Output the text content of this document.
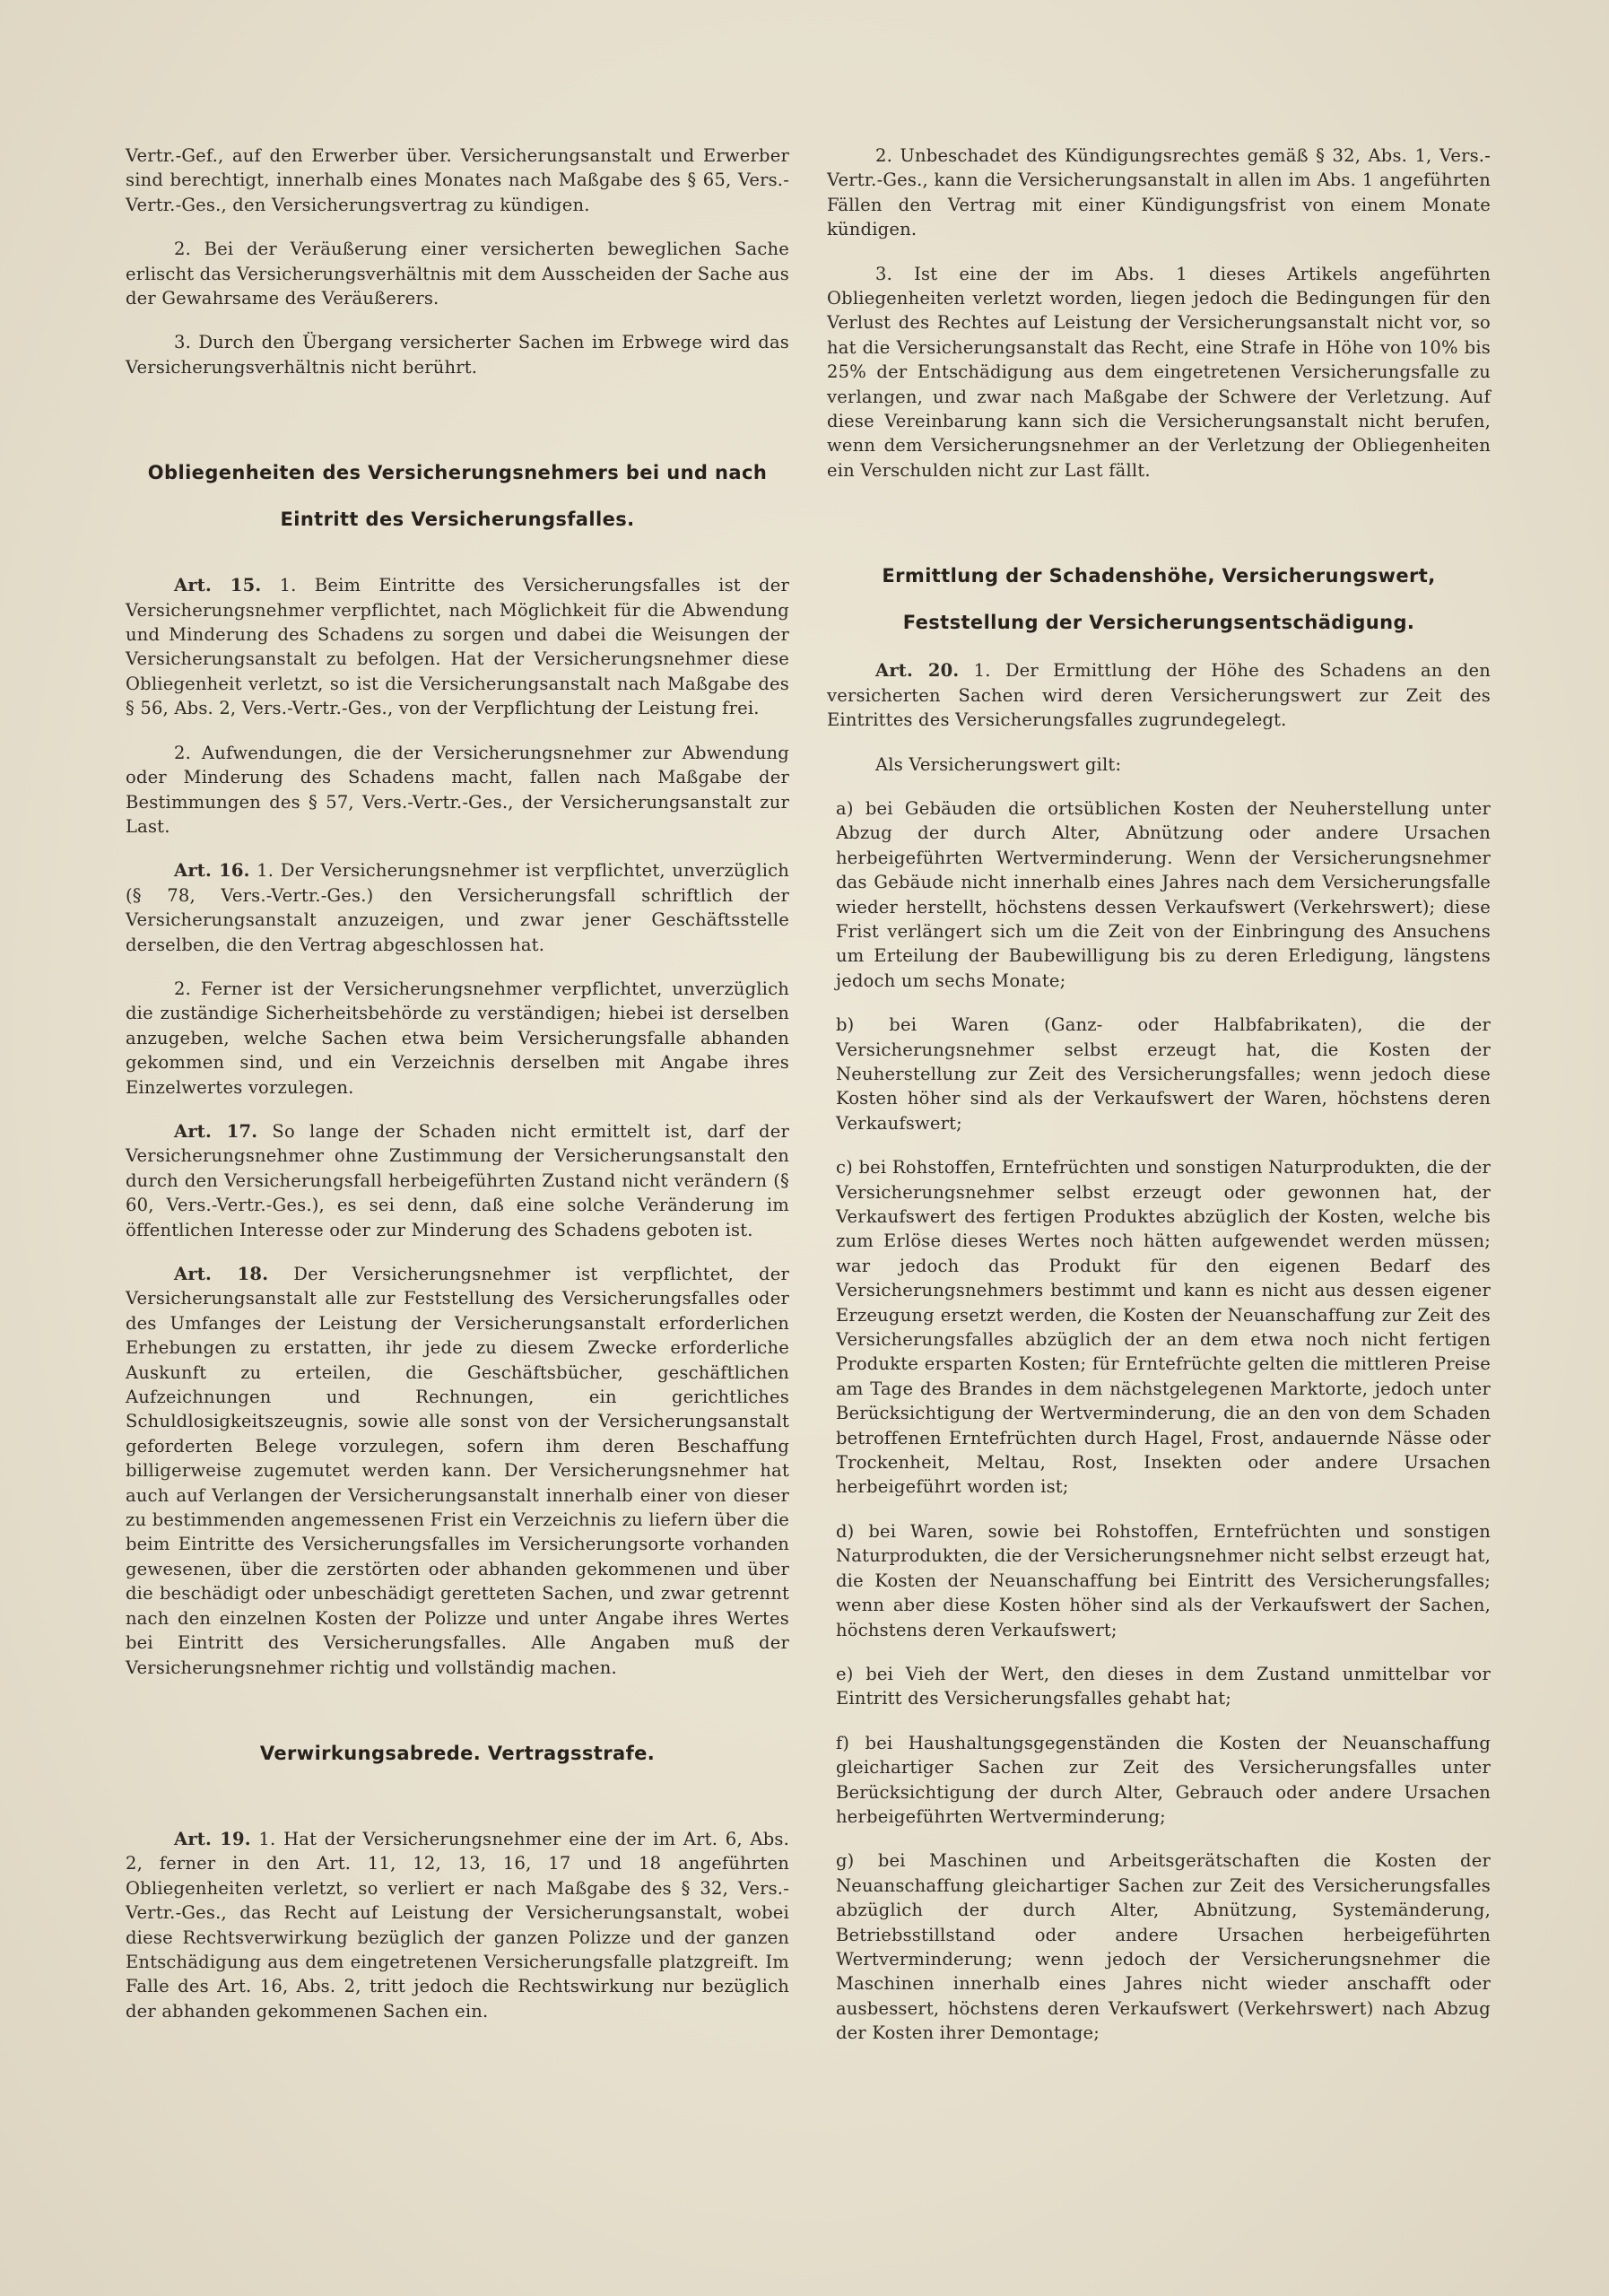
Vertr.-Gef., auf den Erwerber über. Versicherungsanstalt und Erwerber sind berechtigt, innerhalb eines Monates nach Maßgabe des § 65, Vers.-Vertr.-Ges., den Versicherungsvertrag zu kündigen.

2. Bei der Veräußerung einer versicherten beweglichen Sache erlischt das Versicherungsverhältnis mit dem Ausscheiden der Sache aus der Gewahrsame des Veräußerers.

3. Durch den Übergang versicherter Sachen im Erbwege wird das Versicherungsverhältnis nicht berührt.

Obliegenheiten des Versicherungsnehmers bei und nach
Eintritt des Versicherungsfalles.

Art. 15. 1. Beim Eintritte des Versicherungsfalles ist der Versicherungsnehmer verpflichtet, nach Möglichkeit für die Abwendung und Minderung des Schadens zu sorgen und dabei die Weisungen der Versicherungsanstalt zu befolgen. Hat der Versicherungsnehmer diese Obliegenheit verletzt, so ist die Versicherungsanstalt nach Maßgabe des § 56, Abs. 2, Vers.-Vertr.-Ges., von der Verpflichtung der Leistung frei.

2. Aufwendungen, die der Versicherungsnehmer zur Abwendung oder Minderung des Schadens macht, fallen nach Maßgabe der Bestimmungen des § 57, Vers.-Vertr.-Ges., der Versicherungsanstalt zur Last.

Art. 16. 1. Der Versicherungsnehmer ist verpflichtet, unverzüglich (§ 78, Vers.-Vertr.-Ges.) den Versicherungsfall schriftlich der Versicherungsanstalt anzuzeigen, und zwar jener Geschäftsstelle derselben, die den Vertrag abgeschlossen hat.

2. Ferner ist der Versicherungsnehmer verpflichtet, unverzüglich die zuständige Sicherheitsbehörde zu verständigen; hiebei ist derselben anzugeben, welche Sachen etwa beim Versicherungsfalle abhanden gekommen sind, und ein Verzeichnis derselben mit Angabe ihres Einzelwertes vorzulegen.

Art. 17. So lange der Schaden nicht ermittelt ist, darf der Versicherungsnehmer ohne Zustimmung der Versicherungsanstalt den durch den Versicherungsfall herbeigeführten Zustand nicht verändern (§ 60, Vers.-Vertr.-Ges.), es sei denn, daß eine solche Veränderung im öffentlichen Interesse oder zur Minderung des Schadens geboten ist.

Art. 18. Der Versicherungsnehmer ist verpflichtet, der Versicherungsanstalt alle zur Feststellung des Versicherungsfalles oder des Umfanges der Leistung der Versicherungsanstalt erforderlichen Erhebungen zu erstatten, ihr jede zu diesem Zwecke erforderliche Auskunft zu erteilen, die Geschäftsbücher, geschäftlichen Aufzeichnungen und Rechnungen, ein gerichtliches Schuldlosigkeitszeugnis, sowie alle sonst von der Versicherungsanstalt geforderten Belege vorzulegen, sofern ihm deren Beschaffung billigerweise zugemutet werden kann. Der Versicherungsnehmer hat auch auf Verlangen der Versicherungsanstalt innerhalb einer von dieser zu bestimmenden angemessenen Frist ein Verzeichnis zu liefern über die beim Eintritte des Versicherungsfalles im Versicherungsorte vorhanden gewesenen, über die zerstörten oder abhanden gekommenen und über die beschädigt oder unbeschädigt geretteten Sachen, und zwar getrennt nach den einzelnen Kosten der Polizze und unter Angabe ihres Wertes bei Eintritt des Versicherungsfalles. Alle Angaben muß der Versicherungsnehmer richtig und vollständig machen.

Verwirkungsabrede. Vertragsstrafe.

Art. 19. 1. Hat der Versicherungsnehmer eine der im Art. 6, Abs. 2, ferner in den Art. 11, 12, 13, 16, 17 und 18 angeführten Obliegenheiten verletzt, so verliert er nach Maßgabe des § 32, Vers.-Vertr.-Ges., das Recht auf Leistung der Versicherungsanstalt, wobei diese Rechtsverwirkung bezüglich der ganzen Polizze und der ganzen Entschädigung aus dem eingetretenen Versicherungsfalle platzgreift. Im Falle des Art. 16, Abs. 2, tritt jedoch die Rechtswirkung nur bezüglich der abhanden gekommenen Sachen ein.

2. Unbeschadet des Kündigungsrechtes gemäß § 32, Abs. 1, Vers.-Vertr.-Ges., kann die Versicherungsanstalt in allen im Abs. 1 angeführten Fällen den Vertrag mit einer Kündigungsfrist von einem Monate kündigen.

3. Ist eine der im Abs. 1 dieses Artikels angeführten Obliegenheiten verletzt worden, liegen jedoch die Bedingungen für den Verlust des Rechtes auf Leistung der Versicherungsanstalt nicht vor, so hat die Versicherungsanstalt das Recht, eine Strafe in Höhe von 10% bis 25% der Entschädigung aus dem eingetretenen Versicherungsfalle zu verlangen, und zwar nach Maßgabe der Schwere der Verletzung. Auf diese Vereinbarung kann sich die Versicherungsanstalt nicht berufen, wenn dem Versicherungsnehmer an der Verletzung der Obliegenheiten ein Verschulden nicht zur Last fällt.

Ermittlung der Schadenshöhe, Versicherungswert,
Feststellung der Versicherungsentschädigung.

Art. 20. 1. Der Ermittlung der Höhe des Schadens an den versicherten Sachen wird deren Versicherungswert zur Zeit des Eintrittes des Versicherungsfalles zugrundegelegt.

Als Versicherungswert gilt:

a) bei Gebäuden die ortsüblichen Kosten der Neuherstellung unter Abzug der durch Alter, Abnützung oder andere Ursachen herbeigeführten Wertverminderung. Wenn der Versicherungsnehmer das Gebäude nicht innerhalb eines Jahres nach dem Versicherungsfalle wieder herstellt, höchstens dessen Verkaufswert (Verkehrswert); diese Frist verlängert sich um die Zeit von der Einbringung des Ansuchens um Erteilung der Baubewilligung bis zu deren Erledigung, längstens jedoch um sechs Monate;

b) bei Waren (Ganz- oder Halbfabrikaten), die der Versicherungsnehmer selbst erzeugt hat, die Kosten der Neuherstellung zur Zeit des Versicherungsfalles; wenn jedoch diese Kosten höher sind als der Verkaufswert der Waren, höchstens deren Verkaufswert;

c) bei Rohstoffen, Erntefrüchten und sonstigen Naturprodukten, die der Versicherungsnehmer selbst erzeugt oder gewonnen hat, der Verkaufswert des fertigen Produktes abzüglich der Kosten, welche bis zum Erlöse dieses Wertes noch hätten aufgewendet werden müssen; war jedoch das Produkt für den eigenen Bedarf des Versicherungsnehmers bestimmt und kann es nicht aus dessen eigener Erzeugung ersetzt werden, die Kosten der Neuanschaffung zur Zeit des Versicherungsfalles abzüglich der an dem etwa noch nicht fertigen Produkte ersparten Kosten; für Erntefrüchte gelten die mittleren Preise am Tage des Brandes in dem nächstgelegenen Marktorte, jedoch unter Berücksichtigung der Wertverminderung, die an den von dem Schaden betroffenen Erntefrüchten durch Hagel, Frost, andauernde Nässe oder Trockenheit, Meltau, Rost, Insekten oder andere Ursachen herbeigeführt worden ist;

d) bei Waren, sowie bei Rohstoffen, Erntefrüchten und sonstigen Naturprodukten, die der Versicherungsnehmer nicht selbst erzeugt hat, die Kosten der Neuanschaffung bei Eintritt des Versicherungsfalles; wenn aber diese Kosten höher sind als der Verkaufswert der Sachen, höchstens deren Verkaufswert;

e) bei Vieh der Wert, den dieses in dem Zustand unmittelbar vor Eintritt des Versicherungsfalles gehabt hat;

f) bei Haushaltungsgegenständen die Kosten der Neuanschaffung gleichartiger Sachen zur Zeit des Versicherungsfalles unter Berücksichtigung der durch Alter, Gebrauch oder andere Ursachen herbeigeführten Wertverminderung;

g) bei Maschinen und Arbeitsgerätschaften die Kosten der Neuanschaffung gleichartiger Sachen zur Zeit des Versicherungsfalles abzüglich der durch Alter, Abnützung, Systemänderung, Betriebsstillstand oder andere Ursachen herbeigeführten Wertverminderung; wenn jedoch der Versicherungsnehmer die Maschinen innerhalb eines Jahres nicht wieder anschafft oder ausbessert, höchstens deren Verkaufswert (Verkehrswert) nach Abzug der Kosten ihrer Demontage;
